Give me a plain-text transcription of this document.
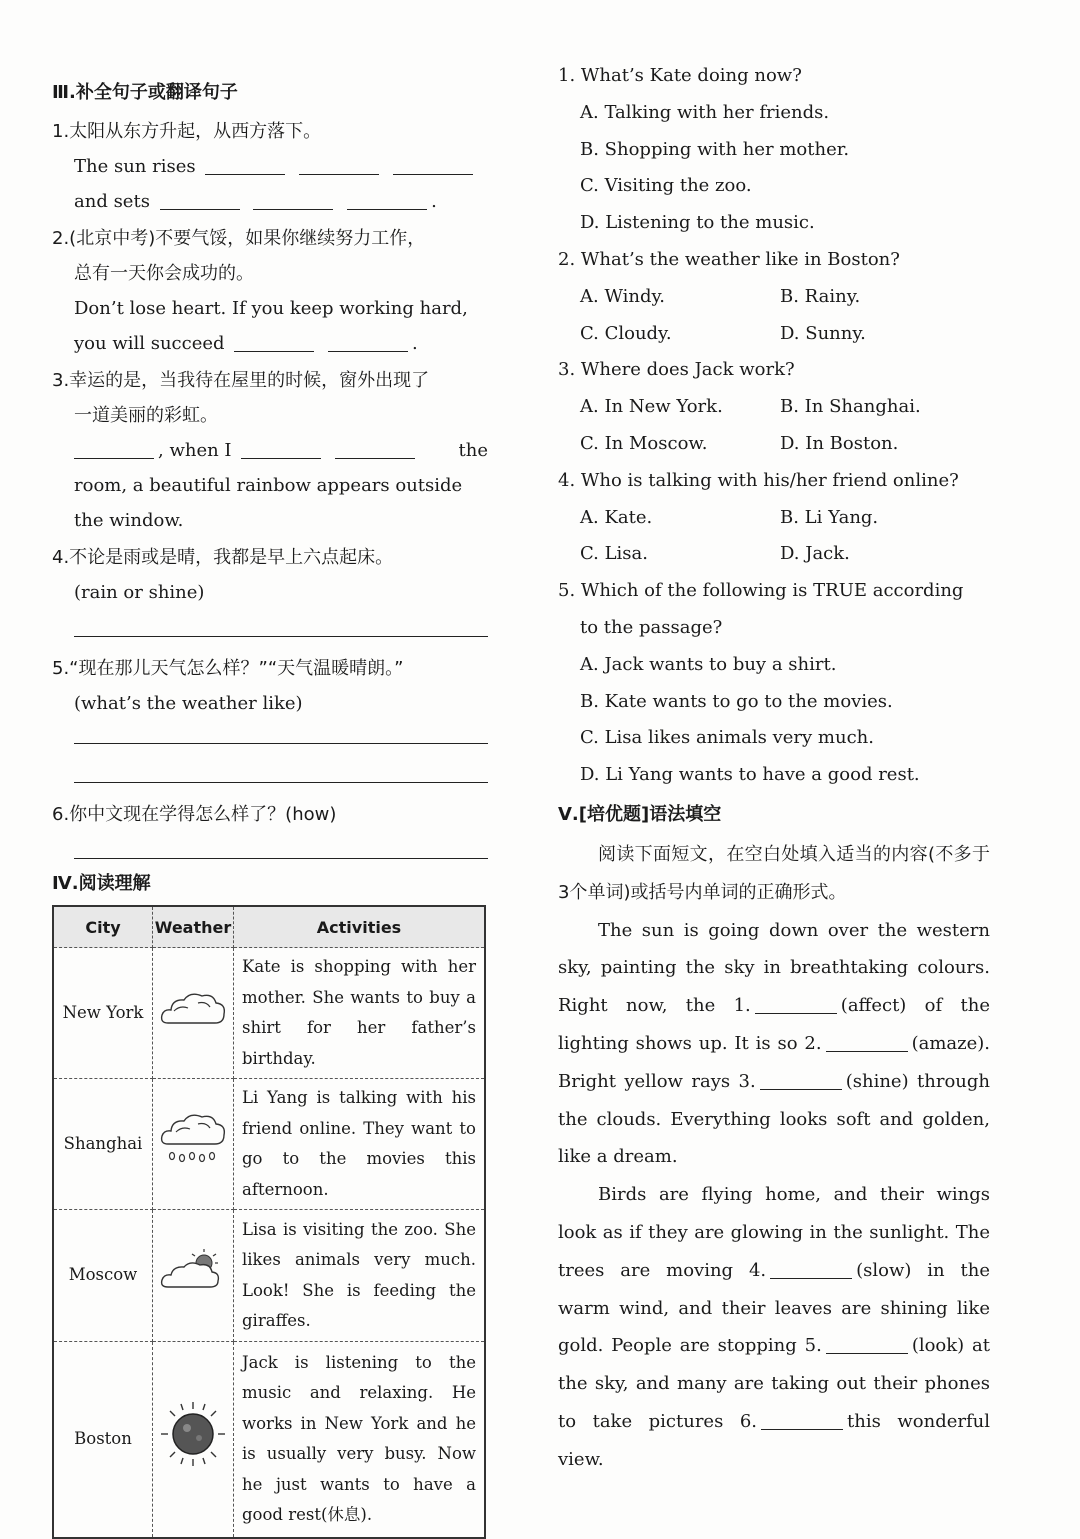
Ⅲ.补全句子或翻译句子
1.太阳从东方升起，从西方落下。
The sun rises
and sets	.
2.(北京中考)不要气馁，如果你继续努力工作，
总有一天你会成功的。
Don’t lose heart. If you keep working hard,
you will succeed	.
3.幸运的是，当我待在屋里的时候，窗外出现了
一道美丽的彩虹。
, when I	the
room, a beautiful rainbow appears outside
the window.
4.不论是雨或是晴，我都是早上六点起床。
(rain or shine)
5.“现在那儿天气怎么样？”“天气温暖晴朗。”
(what’s the weather like)
6.你中文现在学得怎么样了？(how)
Ⅳ.阅读理解
City	Weather	Activities
New York		Kate is shopping with her mother. She wants to buy a shirt for her father’s birthday.
Shanghai		Li Yang is talking with his friend online. They want to go to the movies this afternoon.
Moscow		Lisa is visiting the zoo. She likes animals very much. Look! She is feeding the giraffes.
Boston		Jack is listening to the music and relaxing. He works in New York and he is usually very busy. Now he just wants to have a good rest(休息).
1. What’s Kate doing now?
A. Talking with her friends.
B. Shopping with her mother.
C. Visiting the zoo.
D. Listening to the music.
2. What’s the weather like in Boston?
A. Windy.	B. Rainy.
C. Cloudy.	D. Sunny.
3. Where does Jack work?
A. In New York.	B. In Shanghai.
C. In Moscow.	D. In Boston.
4. Who is talking with his/her friend online?
A. Kate.	B. Li Yang.
C. Lisa.	D. Jack.
5. Which of the following is TRUE according
to the passage?
A. Jack wants to buy a shirt.
B. Kate wants to go to the movies.
C. Lisa likes animals very much.
D. Li Yang wants to have a good rest.
Ⅴ.[培优题]语法填空
阅读下面短文，在空白处填入适当的内容(不多于3个单词)或括号内单词的正确形式。
The sun is going down over the western sky, painting the sky in breathtaking colours. Right now, the 1.	(affect) of the lighting shows up. It is so 2.	(amaze). Bright yellow rays 3.	(shine) through the clouds. Everything looks soft and golden, like a dream.
Birds are flying home, and their wings look as if they are glowing in the sunlight. The trees are moving 4.	(slow) in the warm wind, and their leaves are shining like gold. People are stopping 5.	(look) at the sky, and many are taking out their phones to take pictures 6.	this wonderful view.
